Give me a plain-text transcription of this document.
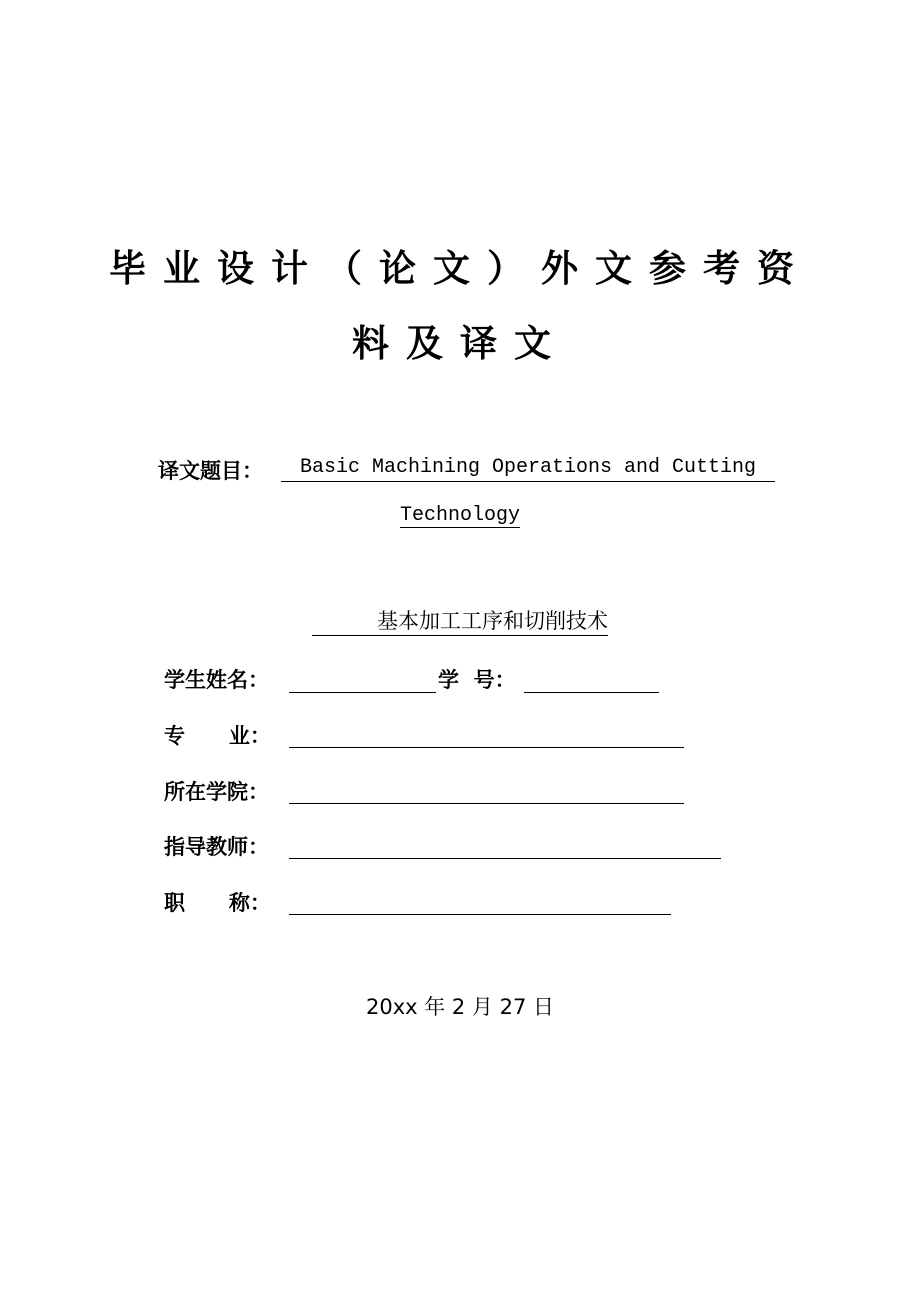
毕业设计（论文）外文参考资
料及译文
译文题目：	Basic Machining Operations and Cutting
Technology
基本加工工序和切削技术
学生姓名：	学  号：
专      业：
所在学院：
指导教师：
职      称：
20xx 年 2 月 27 日
